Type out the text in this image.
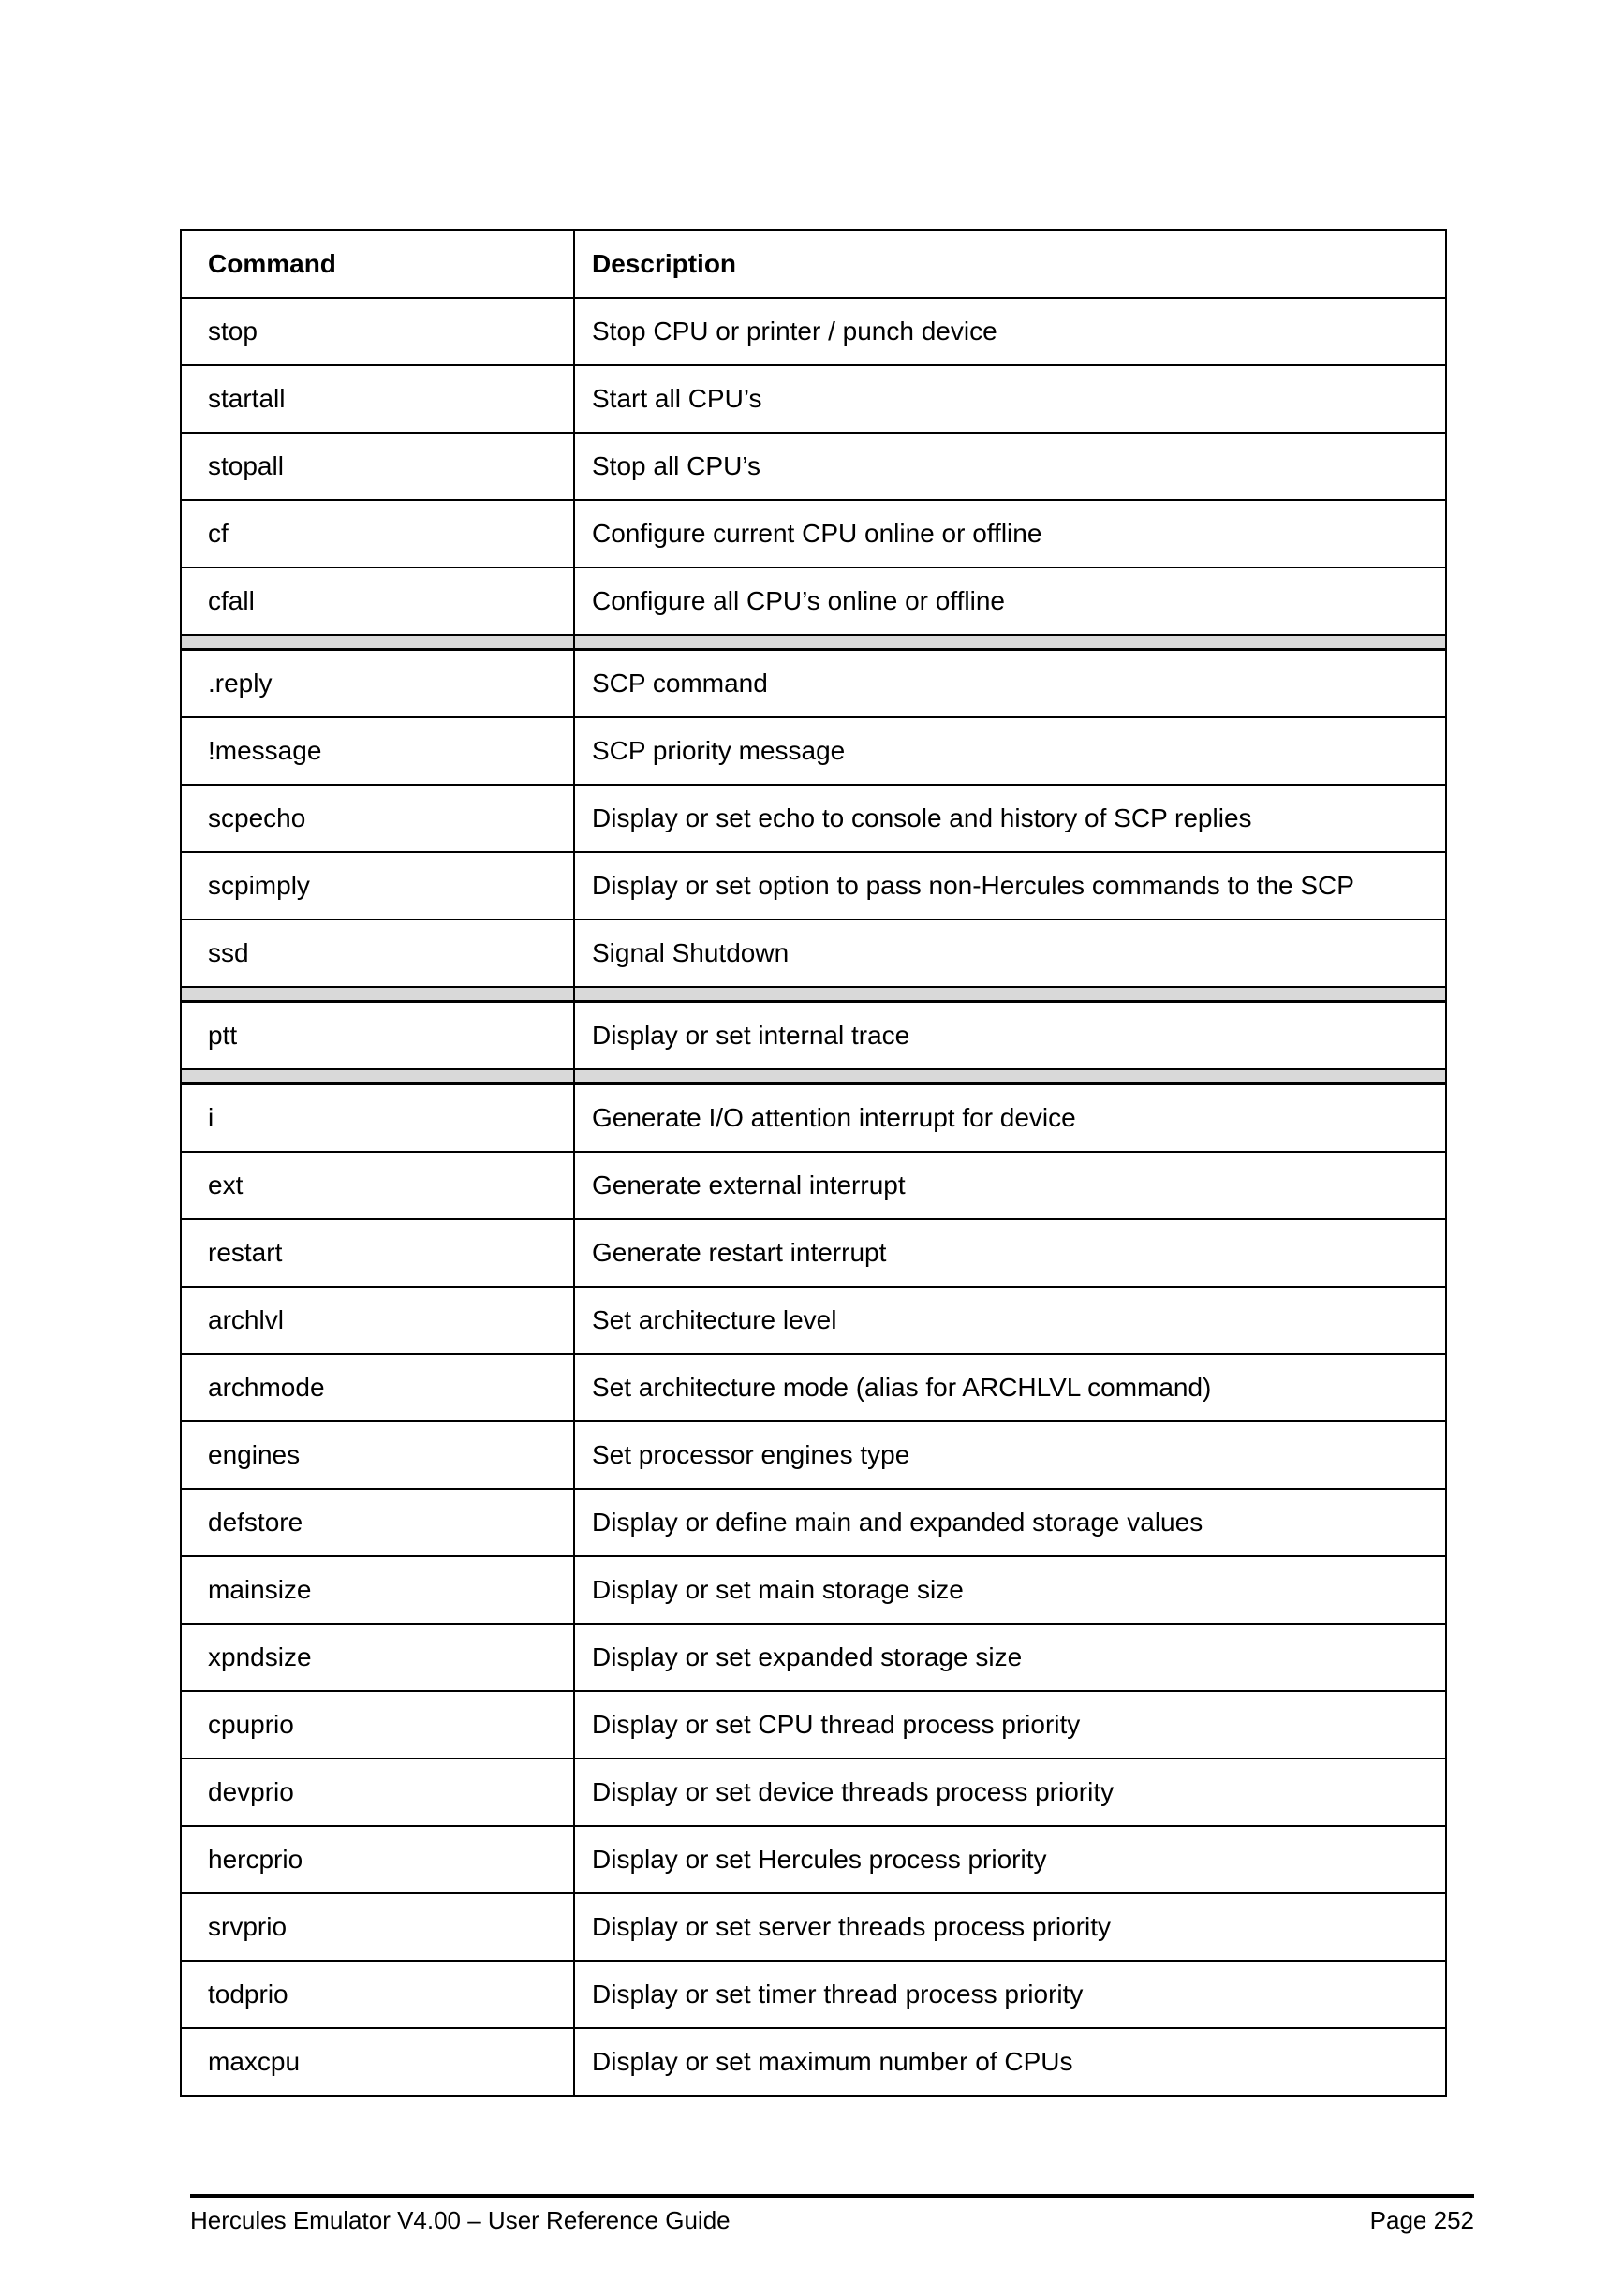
Command	Description
stop	Stop CPU or printer / punch device
startall	Start all CPU’s
stopall	Stop all CPU’s
cf	Configure current CPU online or offline
cfall	Configure all CPU’s online or offline

.reply	SCP command
!message	SCP priority message
scpecho	Display or set echo to console and history of SCP replies
scpimply	Display or set option to pass non-Hercules commands to the SCP
ssd	Signal Shutdown

ptt	Display or set internal trace

i	Generate I/O attention interrupt for device
ext	Generate external interrupt
restart	Generate restart interrupt
archlvl	Set architecture level
archmode	Set architecture mode (alias for ARCHLVL command)
engines	Set processor engines type
defstore	Display or define main and expanded storage values
mainsize	Display or set main storage size
xpndsize	Display or set expanded storage size
cpuprio	Display or set CPU thread process priority
devprio	Display or set device threads process priority
hercprio	Display or set Hercules process priority
srvprio	Display or set server threads process priority
todprio	Display or set timer thread process priority
maxcpu	Display or set maximum number of CPUs
Hercules Emulator V4.00 – User Reference Guide	Page 252
